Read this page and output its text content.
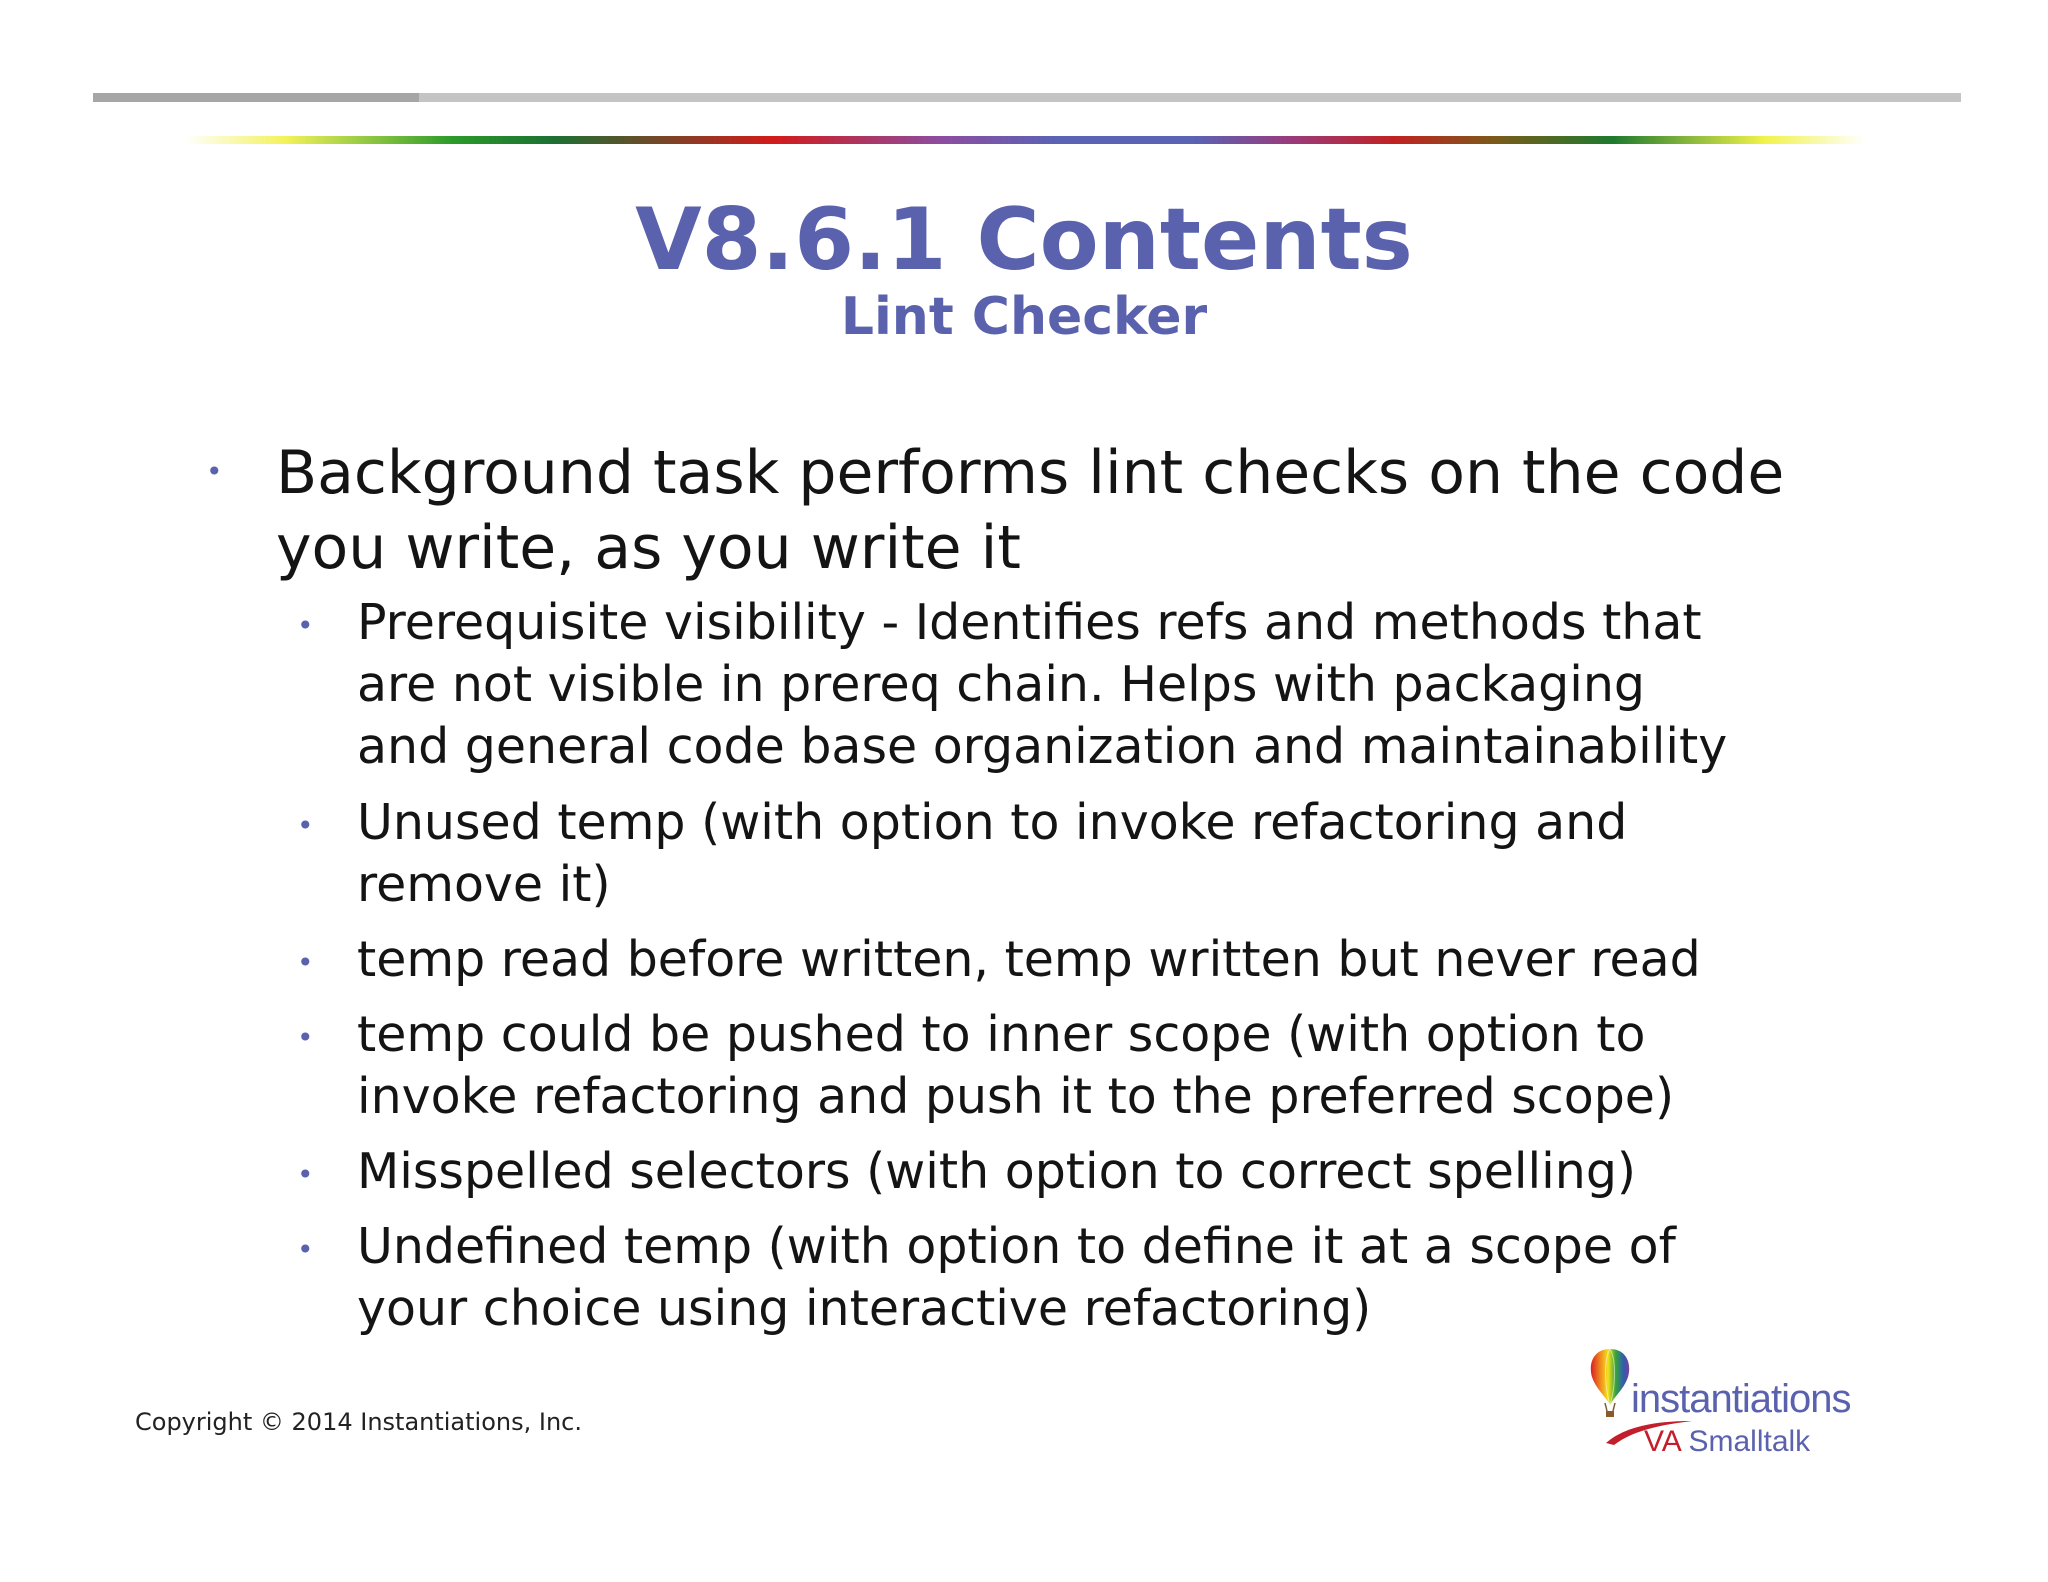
V8.6.1 Contents
Lint Checker
• Background task performs lint checks on the code
you write, as you write it
• Prerequisite visibility - Identifies refs and methods that
are not visible in prereq chain. Helps with packaging
and general code base organization and maintainability
• Unused temp (with option to invoke refactoring and
remove it)
• temp read before written, temp written but never read
• temp could be pushed to inner scope (with option to
invoke refactoring and push it to the preferred scope)
• Misspelled selectors (with option to correct spelling)
• Undefined temp (with option to define it at a scope of
your choice using interactive refactoring)
Copyright © 2014 Instantiations, Inc.
instantiations
VA Smalltalk
